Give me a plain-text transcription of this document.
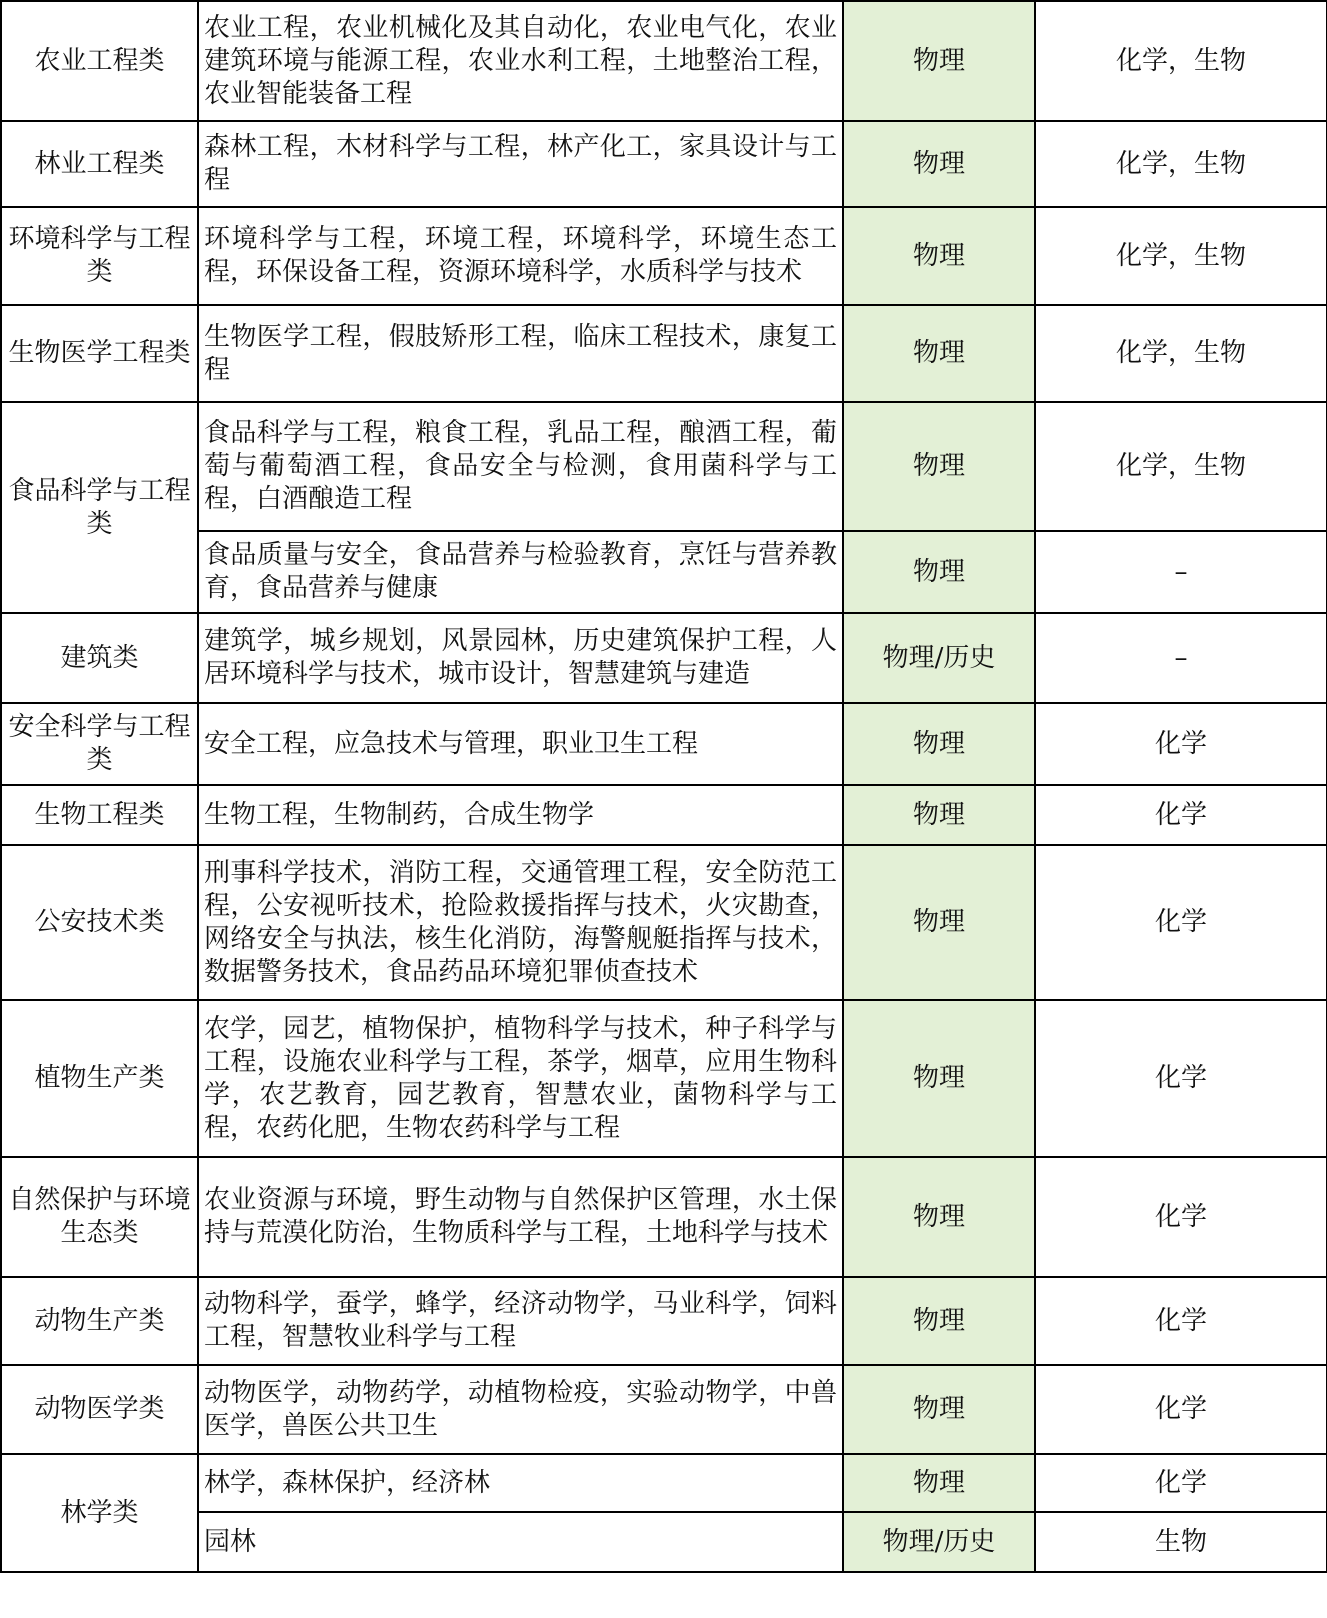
农业工程类	农业工程，农业机械化及其自动化，农业电气化，农业建筑环境与能源工程，农业水利工程，土地整治工程，农业智能装备工程	物理	化学，生物
林业工程类	森林工程，木材科学与工程，林产化工，家具设计与工程	物理	化学，生物
环境科学与工程类	环境科学与工程，环境工程，环境科学，环境生态工程，环保设备工程，资源环境科学，水质科学与技术	物理	化学，生物
生物医学工程类	生物医学工程，假肢矫形工程，临床工程技术，康复工程	物理	化学，生物
食品科学与工程类	食品科学与工程，粮食工程，乳品工程，酿酒工程，葡萄与葡萄酒工程，食品安全与检测，食用菌科学与工程，白酒酿造工程	物理	化学，生物
	食品质量与安全，食品营养与检验教育，烹饪与营养教育，食品营养与健康	物理	–
建筑类	建筑学，城乡规划，风景园林，历史建筑保护工程，人居环境科学与技术，城市设计，智慧建筑与建造	物理/历史	–
安全科学与工程类	安全工程，应急技术与管理，职业卫生工程	物理	化学
生物工程类	生物工程，生物制药，合成生物学	物理	化学
公安技术类	刑事科学技术，消防工程，交通管理工程，安全防范工程，公安视听技术，抢险救援指挥与技术，火灾勘查，网络安全与执法，核生化消防，海警舰艇指挥与技术，数据警务技术，食品药品环境犯罪侦查技术	物理	化学
植物生产类	农学，园艺，植物保护，植物科学与技术，种子科学与工程，设施农业科学与工程，茶学，烟草，应用生物科学，农艺教育，园艺教育，智慧农业，菌物科学与工程，农药化肥，生物农药科学与工程	物理	化学
自然保护与环境生态类	农业资源与环境，野生动物与自然保护区管理，水土保持与荒漠化防治，生物质科学与工程，土地科学与技术	物理	化学
动物生产类	动物科学，蚕学，蜂学，经济动物学，马业科学，饲料工程，智慧牧业科学与工程	物理	化学
动物医学类	动物医学，动物药学，动植物检疫，实验动物学，中兽医学，兽医公共卫生	物理	化学
林学类	林学，森林保护，经济林	物理	化学
	园林	物理/历史	生物
